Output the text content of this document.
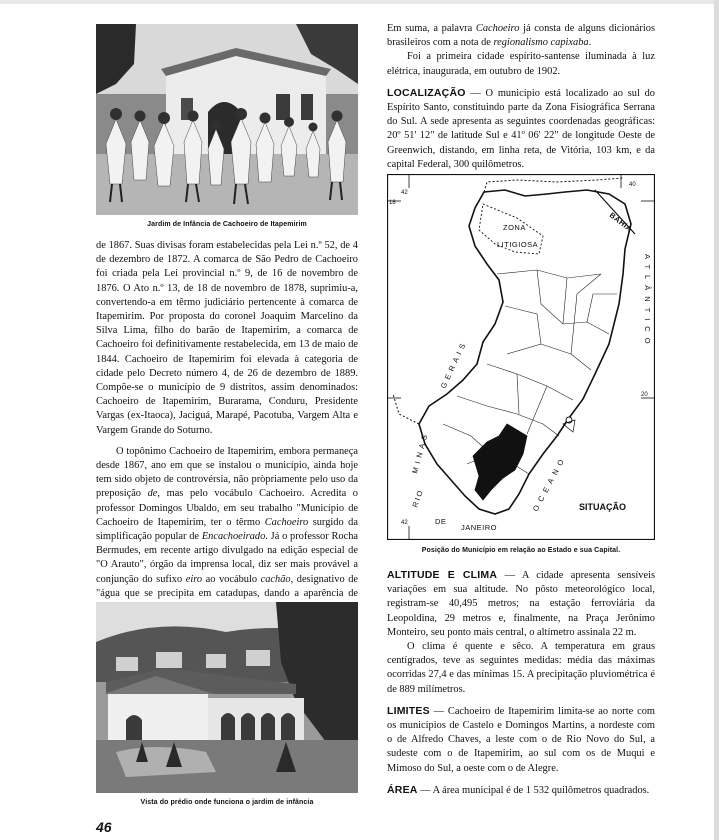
Jardim de Infância de Cachoeiro de Itapemirim

de 1867. Suas divisas foram estabelecidas pela Lei n.º 52, de 4 de dezembro de 1872. A comarca de São Pedro de Cachoeiro foi criada pela Lei provincial n.º 9, de 16 de novembro de 1876. O Ato n.º 13, de 18 de novembro de 1878, suprimiu-a, convertendo-a em têrmo judiciário pertencente à comarca de Itapemirim. Por proposta do coronel Joaquim Marcelino da Silva Lima, filho do barão de Itapemirim, a comarca de Cachoeiro foi definitivamente restabelecida, em 13 de maio de 1844. Cachoeiro de Itapemirim foi elevada à categoria de cidade pelo Decreto número 4, de 26 de dezembro de 1889. Compõe-se o município de 9 distritos, assim denominados: Cachoeiro de Itapemirim, Burarama, Conduru, Presidente Vargas (ex-Itaoca), Jaciguá, Marapé, Pacotuba, Vargem Alta e Vargem Grande do Soturno.

O topônimo Cachoeiro de Itapemirim, embora permaneça desde 1867, ano em que se instalou o município, ainda hoje tem sido objeto de controvérsia, não pròpriamente pelo uso da preposição de, mas pelo vocábulo Cachoeiro. Acredita o professor Domingos Ubaldo, em seu trabalho "Município de Cachoeiro de Itapemirim, ter o têrmo Cachoeiro surgido da simplificação popular de Encachoeirado. Já o professor Rocha Bermudes, em recente artigo divulgado na edição especial de "O Arauto", órgão da imprensa local, diz ser mais provável a conjunção do sufixo eiro ao vocábulo cachão, designativo de "água que se precipita em catadupas, dando a aparência de

Vista do prédio onde funciona o jardim de infância

Em suma, a palavra Cachoeiro já consta de alguns dicionários brasileiros com a nota de regionalismo capixaba.

Foi a primeira cidade espírito-santense iluminada à luz elétrica, inaugurada, em outubro de 1902.

LOCALIZAÇÃO — O município está localizado ao sul do Espírito Santo, constituindo parte da Zona Fisiográfica Serrana do Sul. A sede apresenta as seguintes coordenadas geográficas: 20º 51' 12" de latitude Sul e 41º 06' 22" de longitude Oeste de Greenwich, distando, em linha reta, de Vitória, 103 km, e da capital Federal, 300 quilômetros.

42
40
18
20
42
ZONA
LITIGIOSA
BAHIA
MINAS
GERAIS
ATLÂNTICO
OCEANO
RIO
DE
JANEIRO
SITUAÇÃO
Posição do Município em relação ao Estado e sua Capital.

ALTITUDE E CLIMA — A cidade apresenta sensíveis variações em sua altitude. No pôsto meteorológico local, registram-se 40,495 metros; na estação ferroviária da Leopoldina, 29 metros e, finalmente, na Praça Jerônimo Monteiro, seu ponto mais central, o altímetro assinala 22 m.

O clima é quente e sêco. A temperatura em graus centígrados, teve as seguintes medidas: média das máximas ocorridas 27,4 e das mínimas 15. A precipitação pluviométrica é de 889 milímetros.

LIMITES — Cachoeiro de Itapemirim limita-se ao norte com os municípios de Castelo e Domingos Martins, a nordeste com o de Alfredo Chaves, a leste com o de Rio Novo do Sul, a sudeste com o de Itapemirim, ao sul com os de Muqui e Mimoso do Sul, a oeste com o de Alegre.

ÁREA — A área municipal é de 1 532 quilômetros quadrados.

46
